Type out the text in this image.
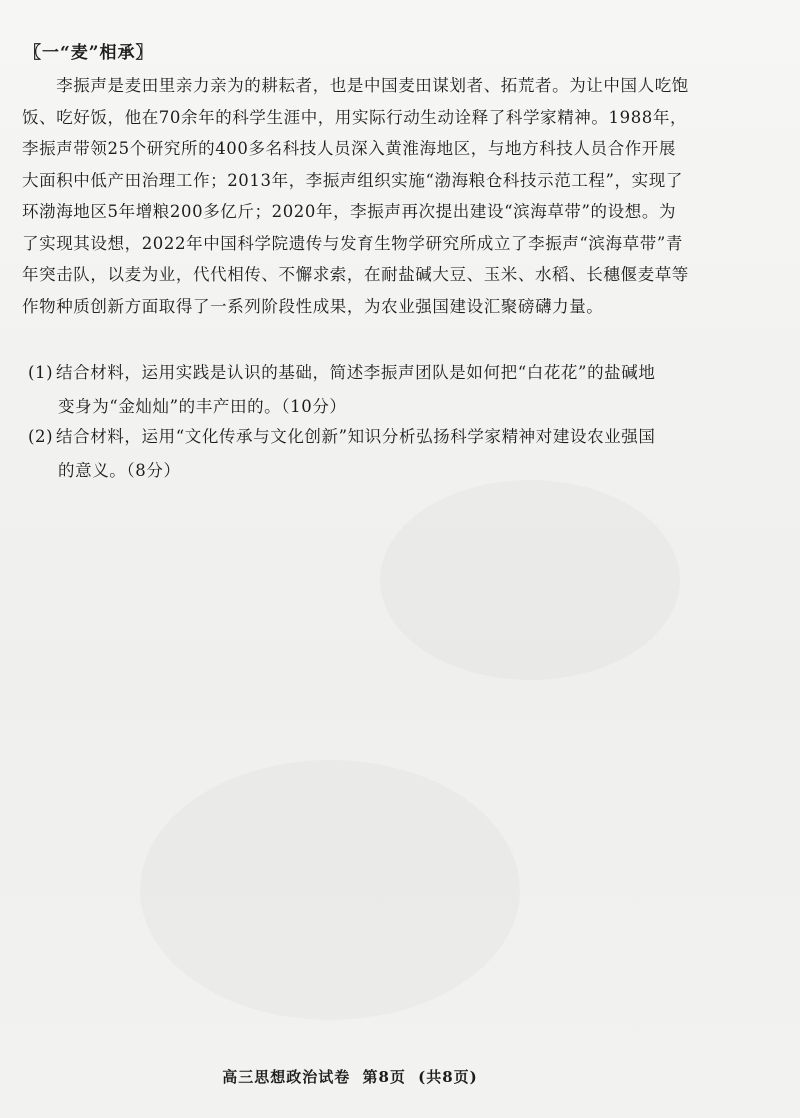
〖一“麦”相承〗
　　李振声是麦田里亲力亲为的耕耘者，也是中国麦田谋划者、拓荒者。为让中国人吃饱
饭、吃好饭，他在70余年的科学生涯中，用实际行动生动诠释了科学家精神。1988年，
李振声带领25个研究所的400多名科技人员深入黄淮海地区，与地方科技人员合作开展
大面积中低产田治理工作；2013年，李振声组织实施“渤海粮仓科技示范工程”，实现了
环渤海地区5年增粮200多亿斤；2020年，李振声再次提出建设“滨海草带”的设想。为
了实现其设想，2022年中国科学院遗传与发育生物学研究所成立了李振声“滨海草带”青
年突击队，以麦为业，代代相传、不懈求索，在耐盐碱大豆、玉米、水稻、长穗偃麦草等
作物种质创新方面取得了一系列阶段性成果，为农业强国建设汇聚磅礴力量。
(1) 结合材料，运用实践是认识的基础，简述李振声团队是如何把“白花花”的盐碱地
变身为“金灿灿”的丰产田的。（10分）
(2) 结合材料，运用“文化传承与文化创新”知识分析弘扬科学家精神对建设农业强国
的意义。（8分）
高三思想政治试卷 第8页 (共8页)
